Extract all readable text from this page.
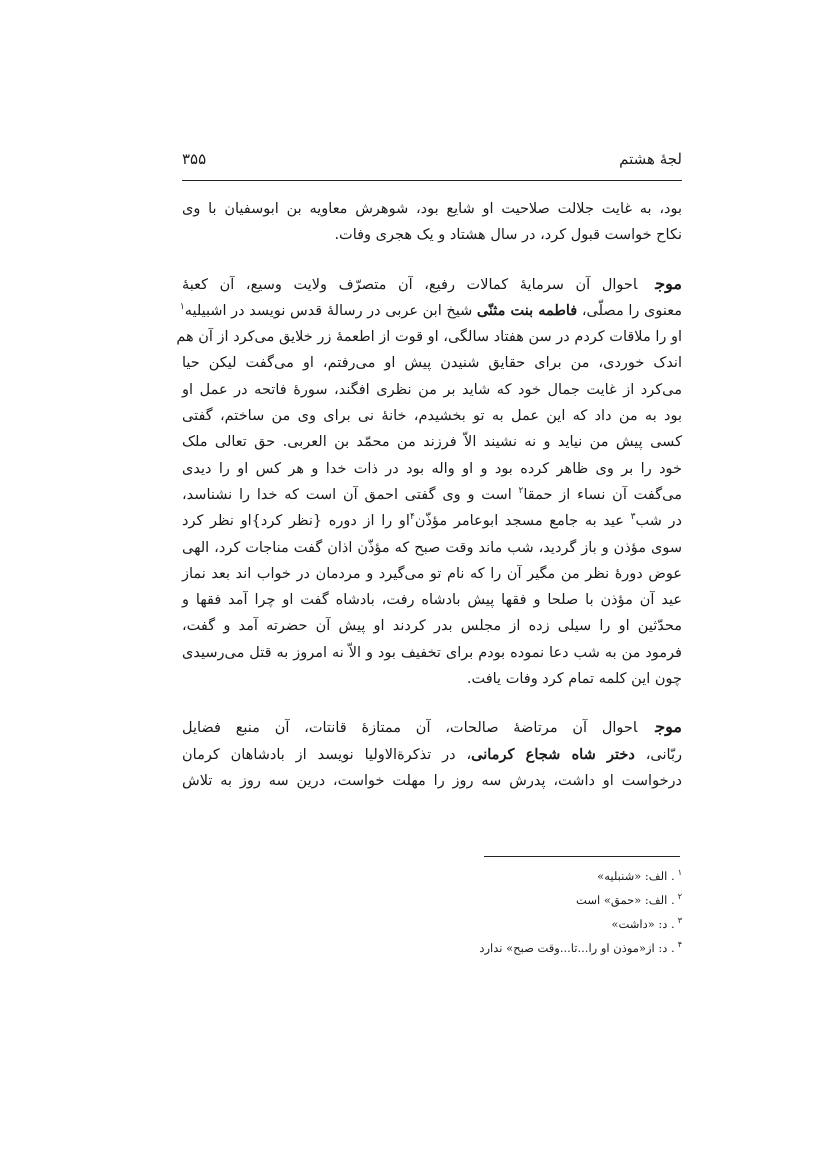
لجۀ هشتم
۳۵۵

بود، به غایت جلالت صلاحیت او شایع بود، شوهرش معاویه بن ابوسفیان با وی
نکاح خواست قبول کرد، در سال هشتاد و یک هجری وفات.

موجاحوال آن سرمایۀ کمالات رفیع، آن متصرّف ولایت وسیع، آن کعبۀ
معنوی را مصلّی، فاطمه بنت مثنّی شیخ ابن عربی در رسالۀ قدس نویسد در اشبیلیه$^۱$
او را ملاقات کردم در سن هفتاد سالگی، او قوت از اطعمۀ زر خلایق می‌کرد از آن هم
اندک خوردی، من برای حقایق شنیدن پیش او می‌رفتم، او می‌گفت لیکن حیا
می‌کرد از غایت جمال خود که شاید بر من نظری افگند، سورۀ فاتحه در عمل او
بود به من داد که این عمل به تو بخشیدم، خانۀ نی برای وی من ساختم، گفتی
کسی پیش من نیاید و نه نشیند الاّ فرزند من محمّد بن العربی. حق تعالی ملک
خود را بر وی ظاهر کرده بود و او واله بود در ذات خدا و هر کس او را دیدی
می‌گفت آن نساء از حمقا$^۲$ است و وی گفتی احمق آن است که خدا را نشناسد،
در شب$^۳$ عید به جامع مسجد ابوعامر مؤذّن$^۴$او را از دوره {نظر کرد}او نظر کرد
سوی مؤذن و باز گردید، شب ماند وقت صبح که مؤذّن اذان گفت مناجات کرد، الهی
عوض دورۀ نظر من مگیر آن را که نام تو می‌گیرد و مردمان در خواب اند بعد نماز
عید آن مؤذن با صلحا و فقها پیش بادشاه رفت، بادشاه گفت او چرا آمد فقها و
محدّثین او را سیلی زده از مجلس بدر کردند او پیش آن حضرته آمد و گفت،
فرمود من به شب دعا نموده بودم برای تخفیف بود و الاّ نه امروز به قتل می‌رسیدی
چون این کلمه تمام کرد وفات یافت.

موجاحوال آن مرتاضۀ صالحات، آن ممتازۀ قانتات، آن منبع فضایل
ربّانی، دختر شاه شجاع کرمانی، در تذکرةالاولیا نویسد از بادشاهان کرمان
درخواست او داشت، پدرش سه روز را مهلت خواست، درین سه روز به تلاش

$^۱$. الف: «شنبلیه»
$^۲$. الف: «حمق» است
$^۳$. د: «داشت»
$^۴$. د: از«موذن او را...تا...وقت صبح» ندارد
